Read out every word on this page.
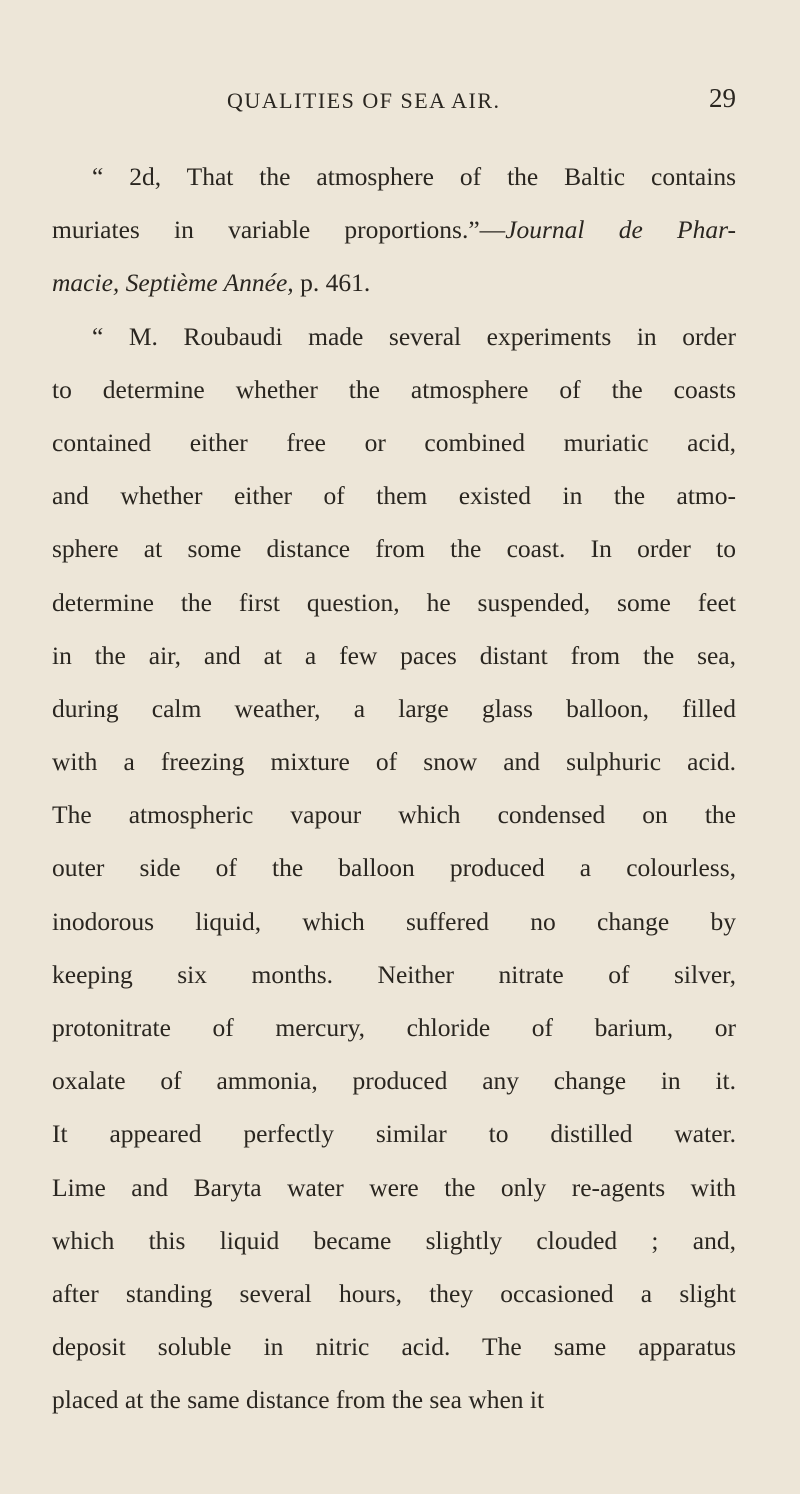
QUALITIES OF SEA AIR.	29
“ 2d, That the atmosphere of the Baltic contains
muriates in variable proportions.”—Journal de Phar-
macie, Septième Année, p. 461.
“ M. Roubaudi made several experiments in order
to determine whether the atmosphere of the coasts
contained either free or combined muriatic acid,
and whether either of them existed in the atmo-
sphere at some distance from the coast. In order to
determine the first question, he suspended, some feet
in the air, and at a few paces distant from the sea,
during calm weather, a large glass balloon, filled
with a freezing mixture of snow and sulphuric acid.
The atmospheric vapour which condensed on the
outer side of the balloon produced a colourless,
inodorous liquid, which suffered no change by
keeping six months. Neither nitrate of silver,
protonitrate of mercury, chloride of barium, or
oxalate of ammonia, produced any change in it.
It appeared perfectly similar to distilled water.
Lime and Baryta water were the only re-agents with
which this liquid became slightly clouded ; and,
after standing several hours, they occasioned a slight
deposit soluble in nitric acid. The same apparatus
placed at the same distance from the sea when it
